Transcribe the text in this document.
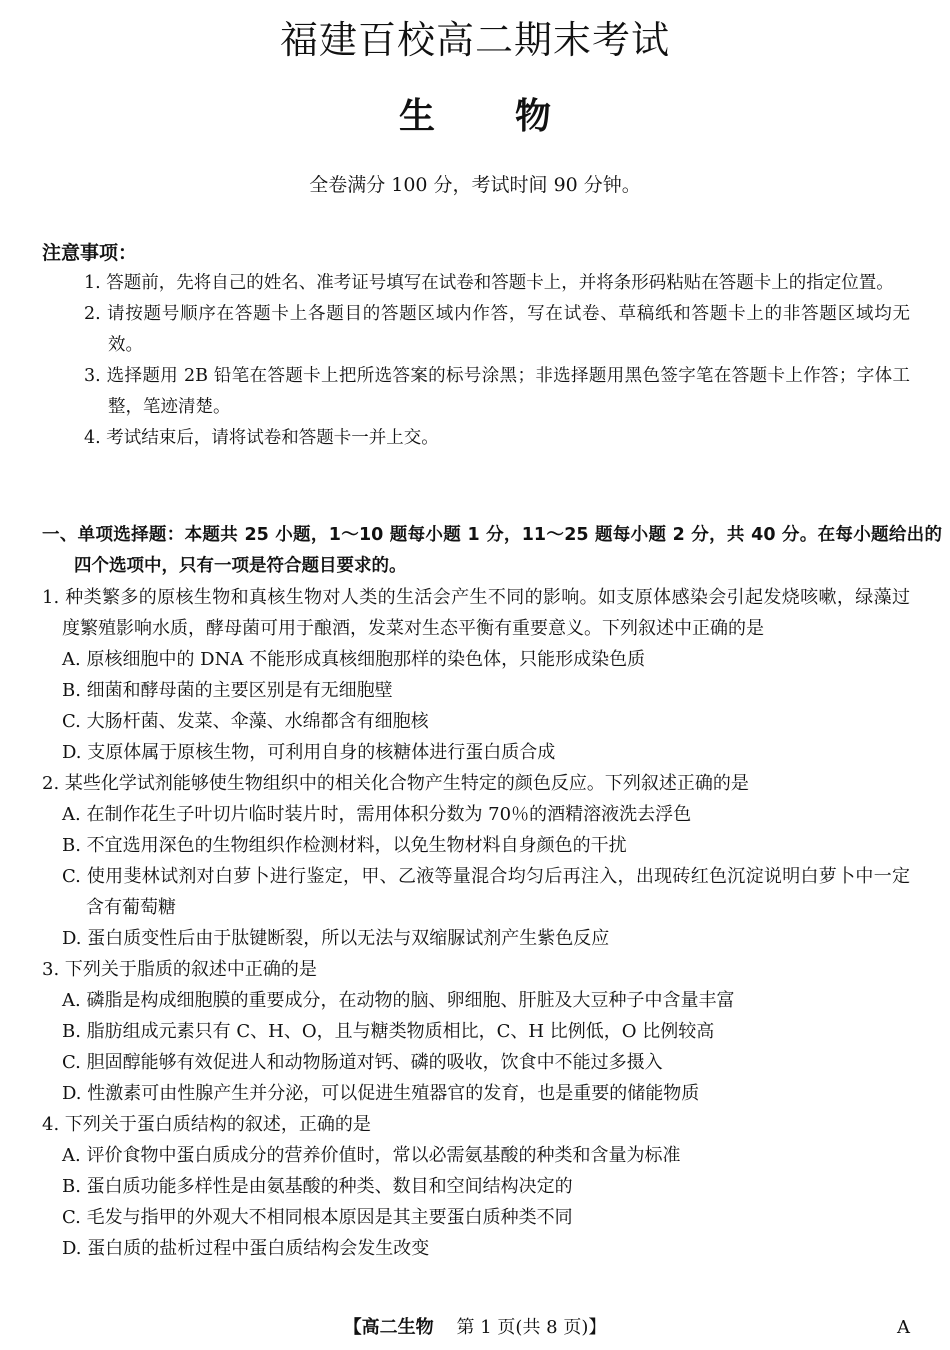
福建百校高二期末考试
生物
全卷满分 100 分，考试时间 90 分钟。
注意事项：
1. 答题前，先将自己的姓名、准考证号填写在试卷和答题卡上，并将条形码粘贴在答题卡上的指定位置。
2. 请按题号顺序在答题卡上各题目的答题区域内作答，写在试卷、草稿纸和答题卡上的非答题区域均无效。
3. 选择题用 2B 铅笔在答题卡上把所选答案的标号涂黑；非选择题用黑色签字笔在答题卡上作答；字体工整，笔迹清楚。
4. 考试结束后，请将试卷和答题卡一并上交。
一、单项选择题：本题共 25 小题，1～10 题每小题 1 分，11～25 题每小题 2 分，共 40 分。在每小题给出的四个选项中，只有一项是符合题目要求的。
1. 种类繁多的原核生物和真核生物对人类的生活会产生不同的影响。如支原体感染会引起发烧咳嗽，绿藻过度繁殖影响水质，酵母菌可用于酿酒，发菜对生态平衡有重要意义。下列叙述中正确的是
A. 原核细胞中的 DNA 不能形成真核细胞那样的染色体，只能形成染色质
B. 细菌和酵母菌的主要区别是有无细胞壁
C. 大肠杆菌、发菜、伞藻、水绵都含有细胞核
D. 支原体属于原核生物，可利用自身的核糖体进行蛋白质合成
2. 某些化学试剂能够使生物组织中的相关化合物产生特定的颜色反应。下列叙述正确的是
A. 在制作花生子叶切片临时装片时，需用体积分数为 70％的酒精溶液洗去浮色
B. 不宜选用深色的生物组织作检测材料，以免生物材料自身颜色的干扰
C. 使用斐林试剂对白萝卜进行鉴定，甲、乙液等量混合均匀后再注入，出现砖红色沉淀说明白萝卜中一定含有葡萄糖
D. 蛋白质变性后由于肽键断裂，所以无法与双缩脲试剂产生紫色反应
3. 下列关于脂质的叙述中正确的是
A. 磷脂是构成细胞膜的重要成分，在动物的脑、卵细胞、肝脏及大豆种子中含量丰富
B. 脂肪组成元素只有 C、H、O，且与糖类物质相比，C、H 比例低，O 比例较高
C. 胆固醇能够有效促进人和动物肠道对钙、磷的吸收，饮食中不能过多摄入
D. 性激素可由性腺产生并分泌，可以促进生殖器官的发育，也是重要的储能物质
4. 下列关于蛋白质结构的叙述，正确的是
A. 评价食物中蛋白质成分的营养价值时，常以必需氨基酸的种类和含量为标准
B. 蛋白质功能多样性是由氨基酸的种类、数目和空间结构决定的
C. 毛发与指甲的外观大不相同根本原因是其主要蛋白质种类不同
D. 蛋白质的盐析过程中蛋白质结构会发生改变
【高二生物 第 1 页(共 8 页)】	A
